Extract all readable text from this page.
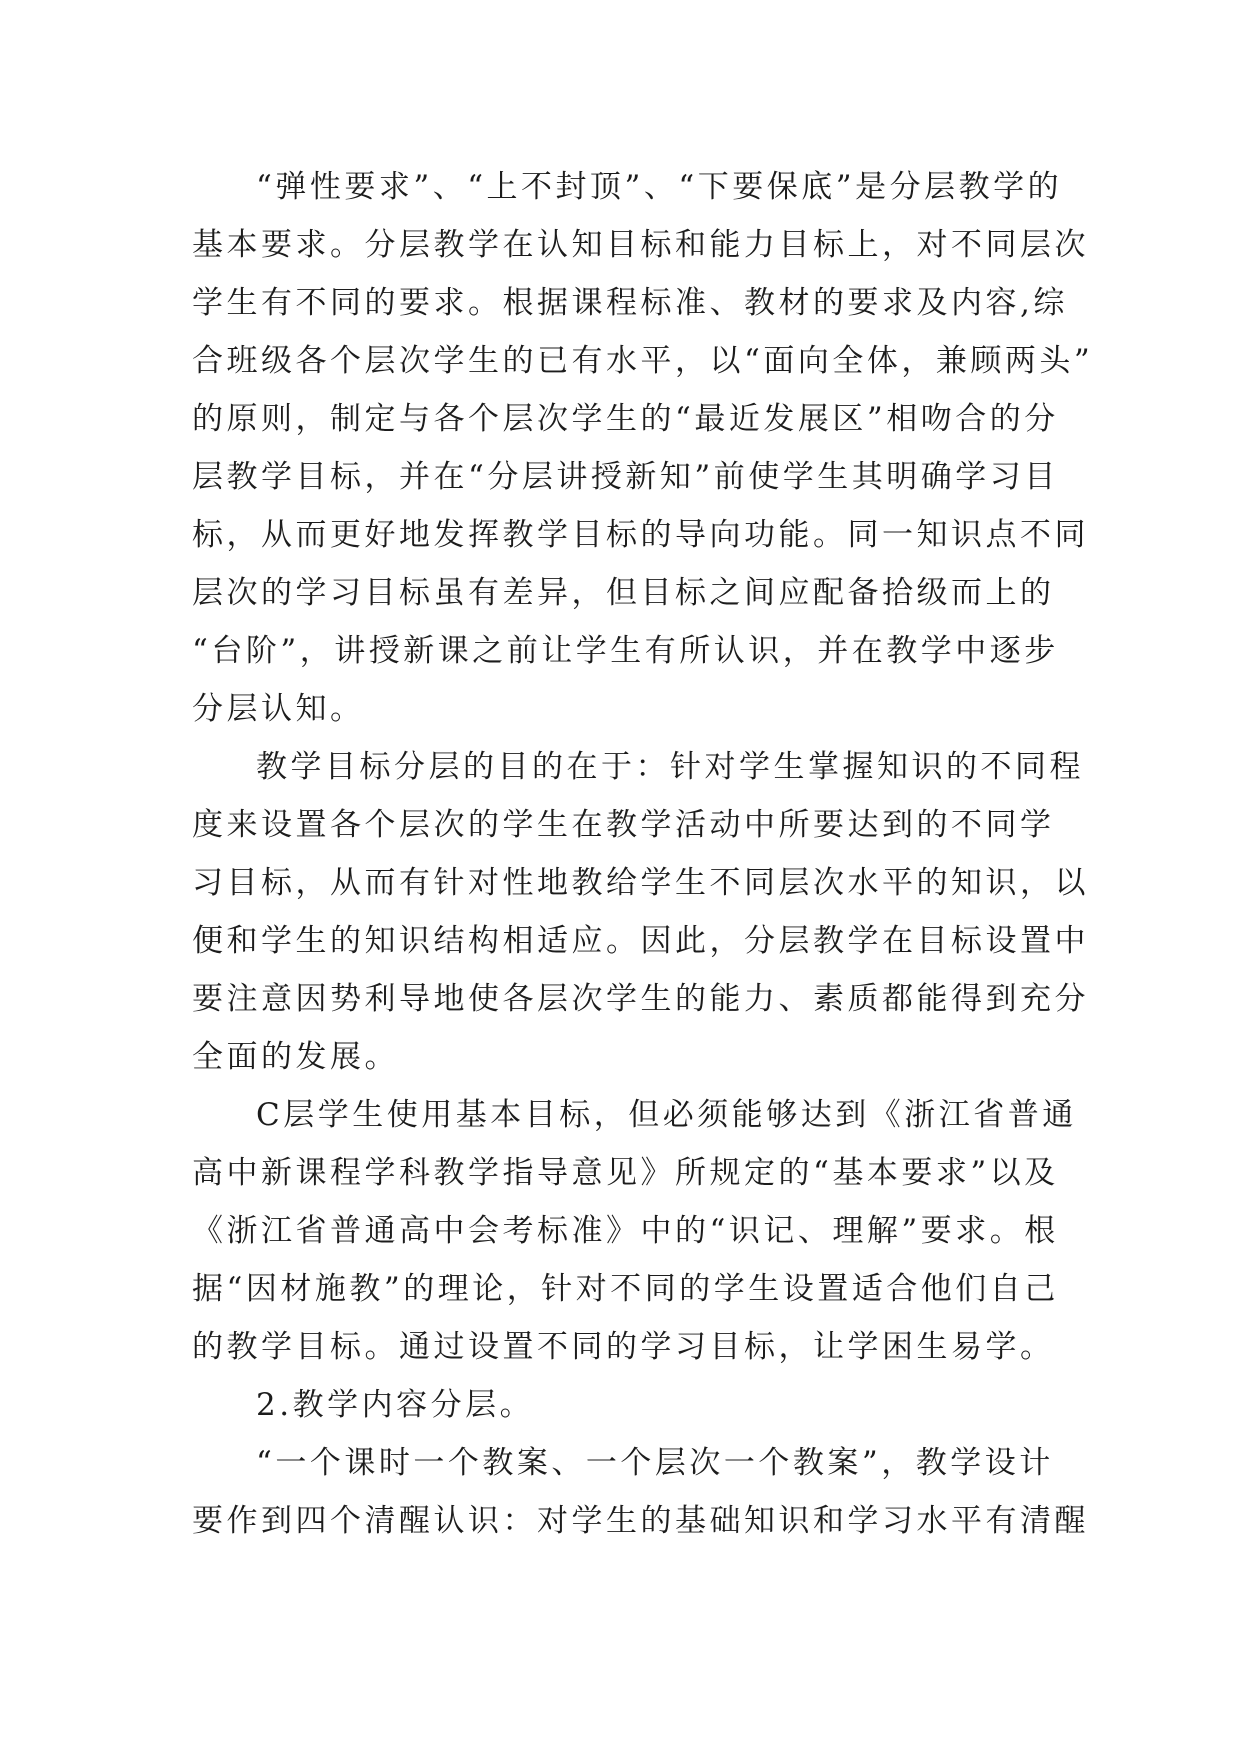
“弹性要求”、“上不封顶”、“下要保底”是分层教学的
基本要求。分层教学在认知目标和能力目标上，对不同层次
学生有不同的要求。根据课程标准、教材的要求及内容,综
合班级各个层次学生的已有水平，以“面向全体，兼顾两头”
的原则，制定与各个层次学生的“最近发展区”相吻合的分
层教学目标，并在“分层讲授新知”前使学生其明确学习目
标，从而更好地发挥教学目标的导向功能。同一知识点不同
层次的学习目标虽有差异，但目标之间应配备拾级而上的
“台阶”，讲授新课之前让学生有所认识，并在教学中逐步
分层认知。
教学目标分层的目的在于：针对学生掌握知识的不同程
度来设置各个层次的学生在教学活动中所要达到的不同学
习目标，从而有针对性地教给学生不同层次水平的知识，以
便和学生的知识结构相适应。因此，分层教学在目标设置中
要注意因势利导地使各层次学生的能力、素质都能得到充分
全面的发展。
C层学生使用基本目标，但必须能够达到《浙江省普通
高中新课程学科教学指导意见》所规定的“基本要求”以及
《浙江省普通高中会考标准》中的“识记、理解”要求。根
据“因材施教”的理论，针对不同的学生设置适合他们自己
的教学目标。通过设置不同的学习目标，让学困生易学。
2.教学内容分层。
“一个课时一个教案、一个层次一个教案”，教学设计
要作到四个清醒认识：对学生的基础知识和学习水平有清醒
